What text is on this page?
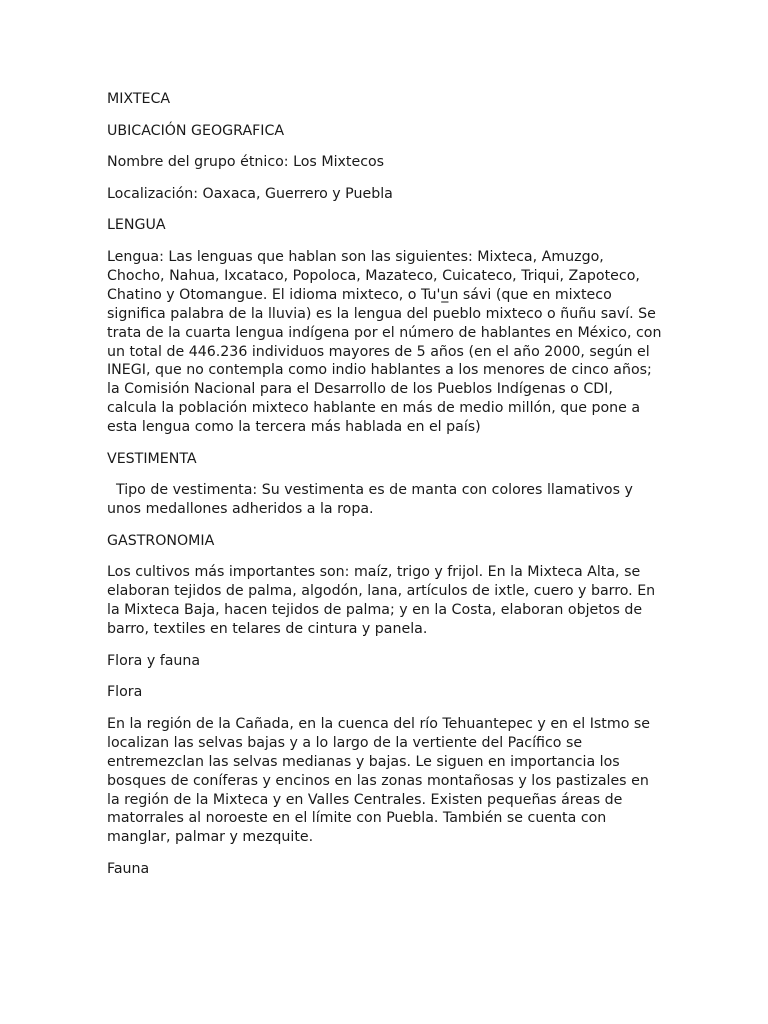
MIXTECA

UBICACIÓN GEOGRAFICA

Nombre del grupo étnico: Los Mixtecos

Localización: Oaxaca, Guerrero y Puebla

LENGUA

Lengua: Las lenguas que hablan son las siguientes: Mixteca, Amuzgo, Chocho, Nahua, Ixcataco, Popoloca, Mazateco, Cuicateco, Triqui, Zapoteco, Chatino y Otomangue. El idioma mixteco, o Tu'u̲n sávi (que en mixteco significa palabra de la lluvia) es la lengua del pueblo mixteco o ñuñu saví. Se trata de la cuarta lengua indígena por el número de hablantes en México, con un total de 446.236 individuos mayores de 5 años (en el año 2000, según el INEGI, que no contempla como indio hablantes a los menores de cinco años; la Comisión Nacional para el Desarrollo de los Pueblos Indígenas o CDI, calcula la población mixteco hablante en más de medio millón, que pone a esta lengua como la tercera más hablada en el país)

VESTIMENTA

Tipo de vestimenta: Su vestimenta es de manta con colores llamativos y unos medallones adheridos a la ropa.

GASTRONOMIA

Los cultivos más importantes son: maíz, trigo y frijol. En la Mixteca Alta, se elaboran tejidos de palma, algodón, lana, artículos de ixtle, cuero y barro. En la Mixteca Baja, hacen tejidos de palma; y en la Costa, elaboran objetos de barro, textiles en telares de cintura y panela.

Flora y fauna

Flora

En la región de la Cañada, en la cuenca del río Tehuantepec y en el Istmo se localizan las selvas bajas y a lo largo de la vertiente del Pacífico se entremezclan las selvas medianas y bajas. Le siguen en importancia los bosques de coníferas y encinos en las zonas montañosas y los pastizales en la región de la Mixteca y en Valles Centrales. Existen pequeñas áreas de matorrales al noroeste en el límite con Puebla. También se cuenta con manglar, palmar y mezquite.

Fauna
